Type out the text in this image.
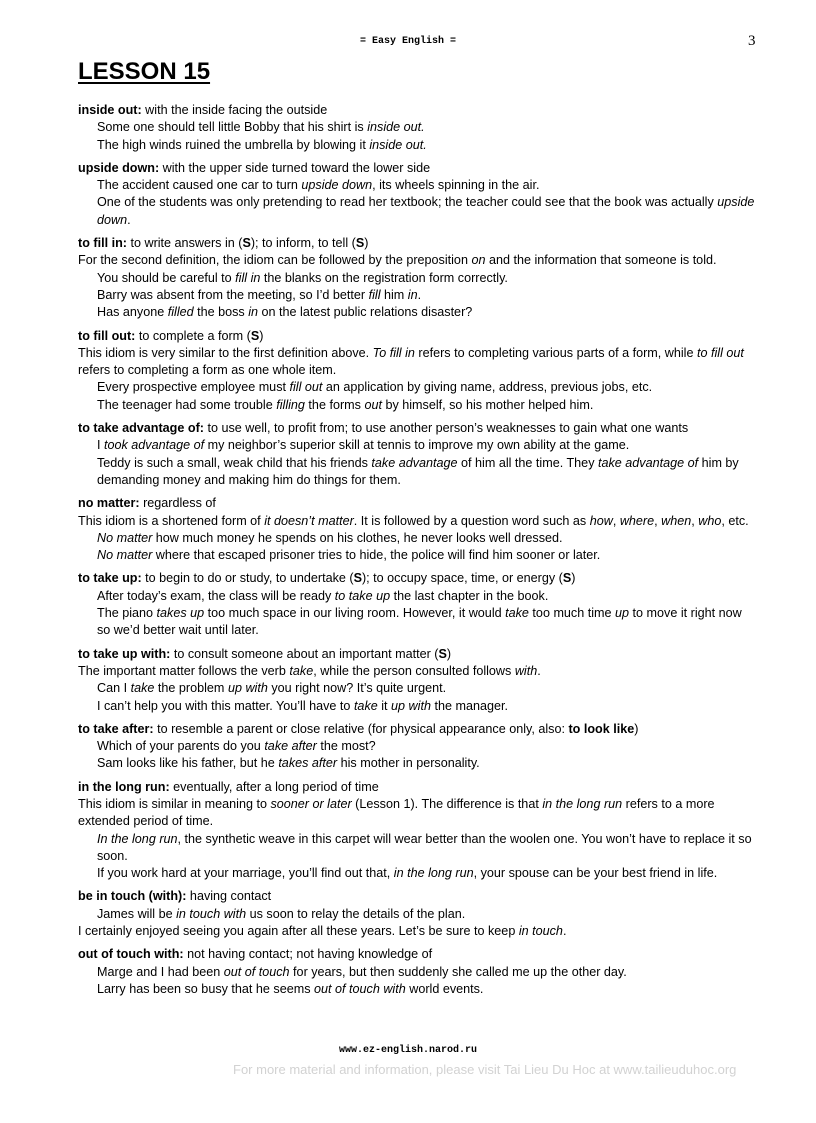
= Easy English =	3
LESSON 15

inside out: with the inside facing the outside

Some one should tell little Bobby that his shirt is inside out.

The high winds ruined the umbrella by blowing it inside out.

upside down: with the upper side turned toward the lower side

The accident caused one car to turn upside down, its wheels spinning in the air.

One of the students was only pretending to read her textbook; the teacher could see that the book was actually upside down.

to fill in: to write answers in (S); to inform, to tell (S)

For the second definition, the idiom can be followed by the preposition on and the information that someone is told.

You should be careful to fill in the blanks on the registration form correctly.

Barry was absent from the meeting, so I’d better fill him in.

Has anyone filled the boss in on the latest public relations disaster?

to fill out: to complete a form (S)

This idiom is very similar to the first definition above. To fill in refers to completing various parts of a form, while to fill out refers to completing a form as one whole item.

Every prospective employee must fill out an application by giving name, address, previous jobs, etc.

The teenager had some trouble filling the forms out by himself, so his mother helped him.

to take advantage of: to use well, to profit from; to use another person’s weaknesses to gain what one wants

I took advantage of my neighbor’s superior skill at tennis to improve my own ability at the game.

Teddy is such a small, weak child that his friends take advantage of him all the time. They take advantage of him by demanding money and making him do things for them.

no matter: regardless of

This idiom is a shortened form of it doesn’t matter. It is followed by a question word such as how, where, when, who, etc.

No matter how much money he spends on his clothes, he never looks well dressed.

No matter where that escaped prisoner tries to hide, the police will find him sooner or later.

to take up: to begin to do or study, to undertake (S); to occupy space, time, or energy (S)

After today’s exam, the class will be ready to take up the last chapter in the book.

The piano takes up too much space in our living room. However, it would take too much time up to move it right now so we’d better wait until later.

to take up with: to consult someone about an important matter (S)

The important matter follows the verb take, while the person consulted follows with.

Can I take the problem up with you right now? It’s quite urgent.

I can’t help you with this matter. You’ll have to take it up with the manager.

to take after: to resemble a parent or close relative (for physical appearance only, also: to look like)

Which of your parents do you take after the most?

Sam looks like his father, but he takes after his mother in personality.

in the long run: eventually, after a long period of time

This idiom is similar in meaning to sooner or later (Lesson 1). The difference is that in the long run refers to a more extended period of time.

In the long run, the synthetic weave in this carpet will wear better than the woolen one. You won’t have to replace it so soon.

If you work hard at your marriage, you’ll find out that, in the long run, your spouse can be your best friend in life.

be in touch (with): having contact

James will be in touch with us soon to relay the details of the plan.

I certainly enjoyed seeing you again after all these years. Let’s be sure to keep in touch.

out of touch with: not having contact; not having knowledge of

Marge and I had been out of touch for years, but then suddenly she called me up the other day.

Larry has been so busy that he seems out of touch with world events.

www.ez-english.narod.ru
For more material and information, please visit Tai Lieu Du Hoc at www.tailieuduhoc.org
